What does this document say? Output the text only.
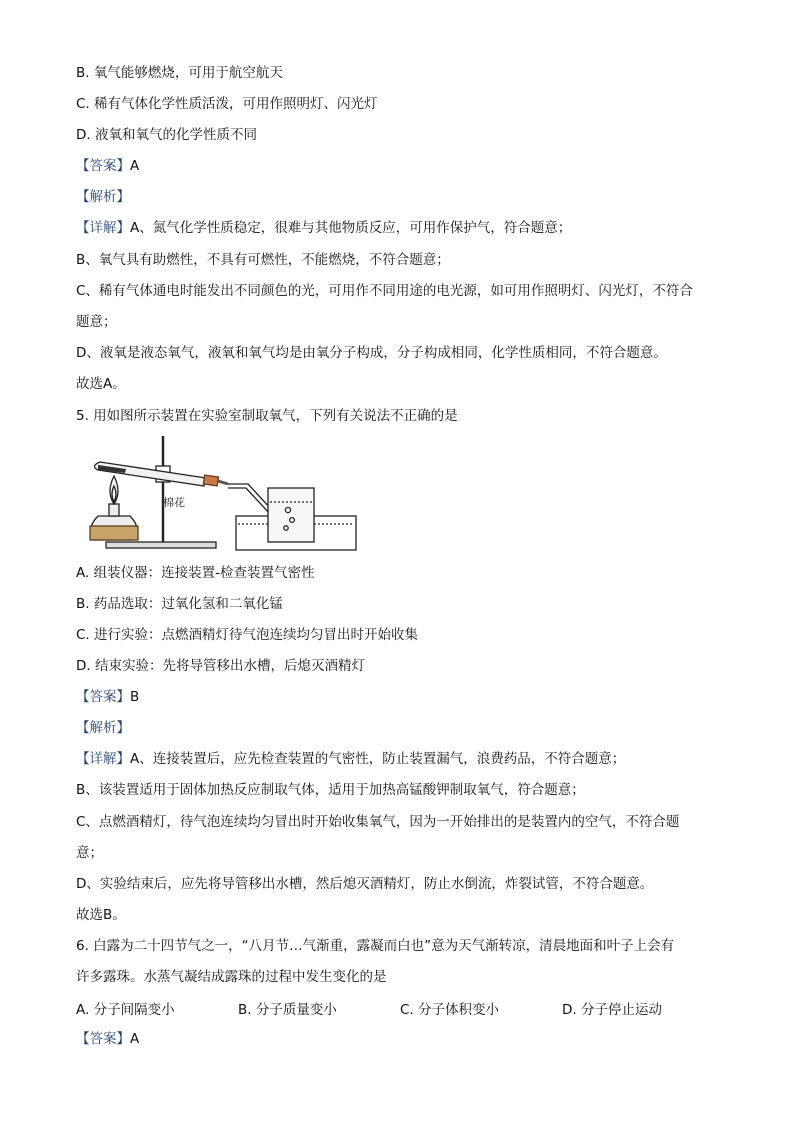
B. 氧气能够燃烧，可用于航空航天
C. 稀有气体化学性质活泼，可用作照明灯、闪光灯
D. 液氧和氧气的化学性质不同
【答案】A
【解析】
【详解】A、氮气化学性质稳定，很难与其他物质反应，可用作保护气，符合题意；
B、氧气具有助燃性，不具有可燃性，不能燃烧，不符合题意；
C、稀有气体通电时能发出不同颜色的光，可用作不同用途的电光源，如可用作照明灯、闪光灯，不符合
题意；
D、液氧是液态氧气，液氧和氧气均是由氧分子构成，分子构成相同，化学性质相同，不符合题意。
故选A。
5. 用如图所示装置在实验室制取氧气，下列有关说法不正确的是
棉花
A. 组装仪器：连接装置-检查装置气密性
B. 药品选取：过氧化氢和二氧化锰
C. 进行实验：点燃酒精灯待气泡连续均匀冒出时开始收集
D. 结束实验：先将导管移出水槽，后熄灭酒精灯
【答案】B
【解析】
【详解】A、连接装置后，应先检查装置的气密性，防止装置漏气，浪费药品，不符合题意；
B、该装置适用于固体加热反应制取气体，适用于加热高锰酸钾制取氧气，符合题意；
C、点燃酒精灯，待气泡连续均匀冒出时开始收集氧气，因为一开始排出的是装置内的空气，不符合题
意；
D、实验结束后，应先将导管移出水槽，然后熄灭酒精灯，防止水倒流，炸裂试管，不符合题意。
故选B。
6. 白露为二十四节气之一，“八月节…气渐重，露凝而白也”意为天气渐转凉，清晨地面和叶子上会有
许多露珠。水蒸气凝结成露珠的过程中发生变化的是
A. 分子间隔变小	B. 分子质量变小	C. 分子体积变小	D. 分子停止运动
【答案】A
